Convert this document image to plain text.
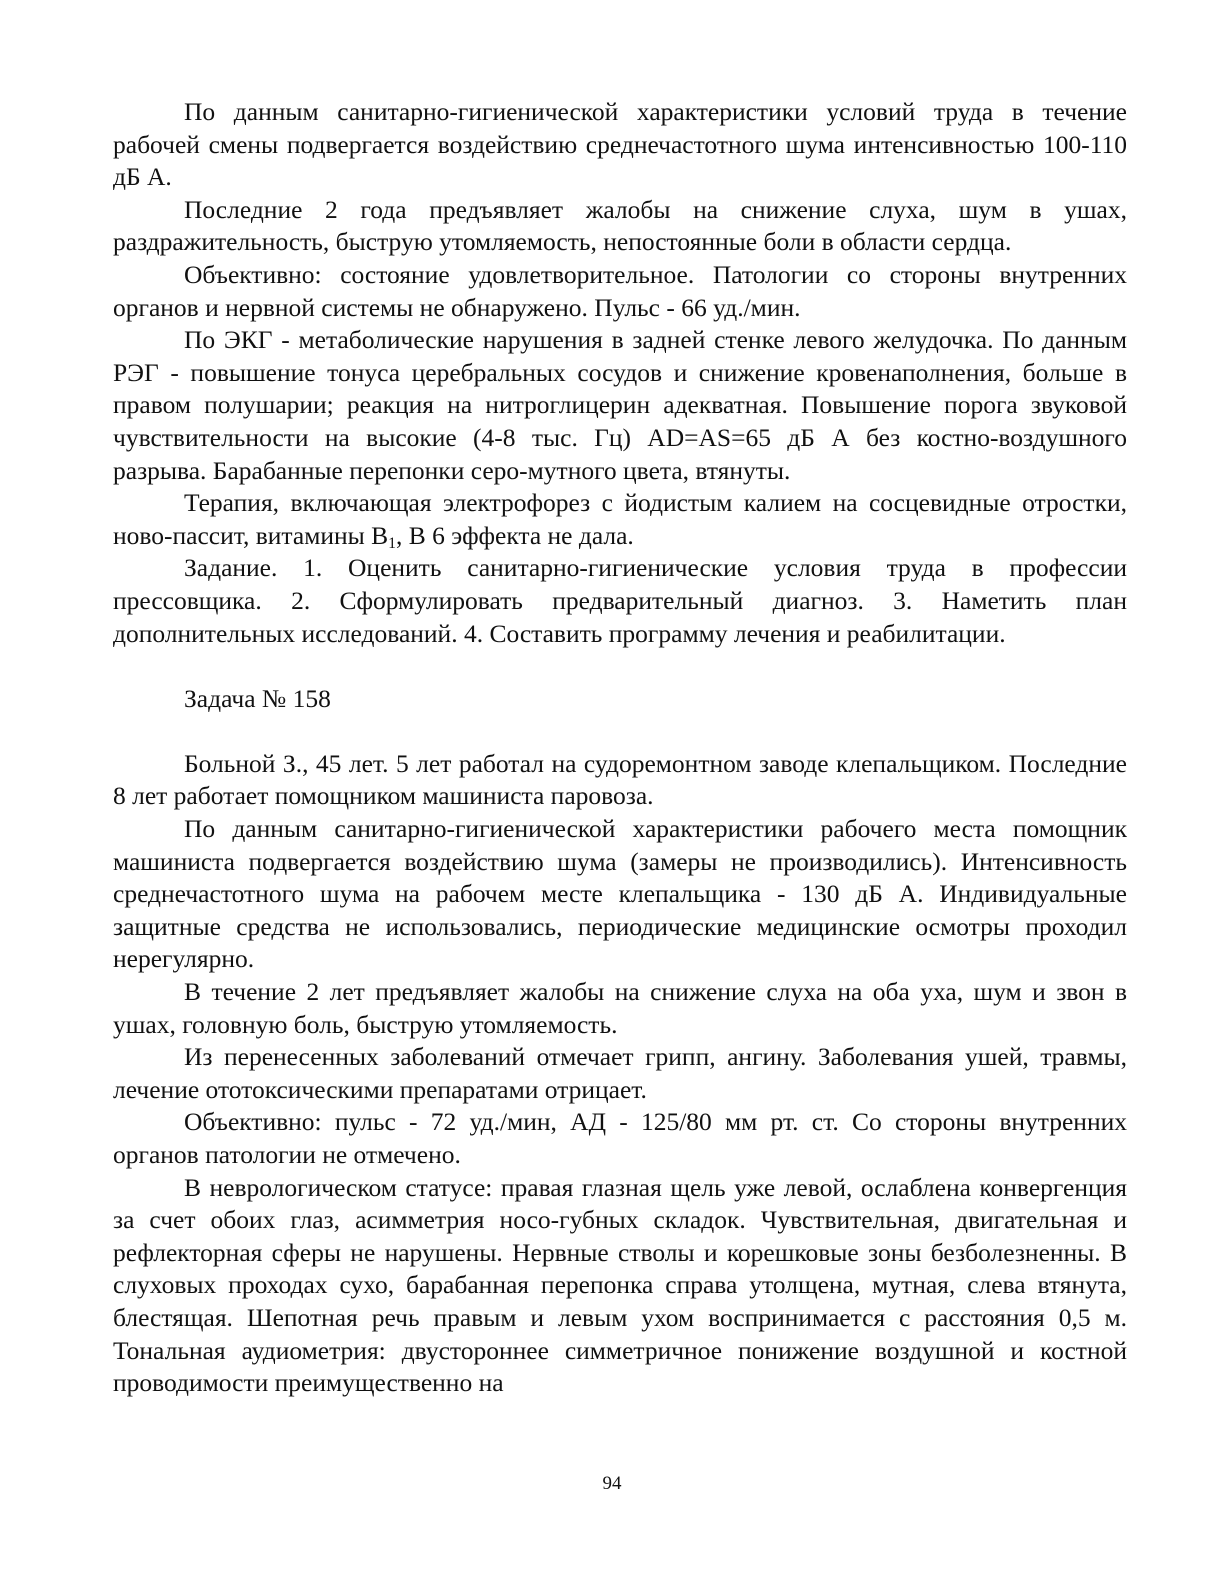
По данным санитарно-гигиенической характеристики условий труда в течение рабочей смены подвергается воздействию среднечастотного шума интенсивностью 100-110 дБ А.

Последние 2 года предъявляет жалобы на снижение слуха, шум в ушах, раздражительность, быструю утомляемость, непостоянные боли в области сердца.

Объективно: состояние удовлетворительное. Патологии со стороны внутренних органов и нервной системы не обнаружено. Пульс - 66 уд./мин.

По ЭКГ - метаболические нарушения в задней стенке левого желудочка. По данным РЭГ - повышение тонуса церебральных сосудов и снижение кровенаполнения, больше в правом полушарии; реакция на нитроглицерин адекватная. Повышение порога звуковой чувствительности на высокие (4-8 тыс. Гц) AD=AS=65 дБ А без костно-воздушного разрыва. Барабанные перепонки серо-мутного цвета, втянуты.

Терапия, включающая электрофорез с йодистым калием на сосцевидные отростки, ново-пассит, витамины $В_1$, В 6 эффекта не дала.

Задание. 1. Оценить санитарно-гигиенические условия труда в профессии прессовщика. 2. Сформулировать предварительный диагноз. 3. Наметить план дополнительных исследований. 4. Составить программу лечения и реабилитации.

Задача № 158

Больной З., 45 лет. 5 лет работал на судоремонтном заводе клепальщиком. Последние 8 лет работает помощником машиниста паровоза.

По данным санитарно-гигиенической характеристики рабочего места помощник машиниста подвергается воздействию шума (замеры не производились). Интенсивность среднечастотного шума на рабочем месте клепальщика - 130 дБ А. Индивидуальные защитные средства не использовались, периодические медицинские осмотры проходил нерегулярно.

В течение 2 лет предъявляет жалобы на снижение слуха на оба уха, шум и звон в ушах, головную боль, быструю утомляемость.

Из перенесенных заболеваний отмечает грипп, ангину. Заболевания ушей, травмы, лечение ототоксическими препаратами отрицает.

Объективно: пульс - 72 уд./мин, АД - 125/80 мм рт. ст. Со стороны внутренних органов патологии не отмечено.

В неврологическом статусе: правая глазная щель уже левой, ослаблена конвергенция за счет обоих глаз, асимметрия носо-губных складок. Чувствительная, двигательная и рефлекторная сферы не нарушены. Нервные стволы и корешковые зоны безболезненны. В слуховых проходах сухо, барабанная перепонка справа утолщена, мутная, слева втянута, блестящая. Шепотная речь правым и левым ухом воспринимается с расстояния 0,5 м. Тональная аудиометрия: двустороннее симметричное понижение воздушной и костной проводимости преимущественно на

94
